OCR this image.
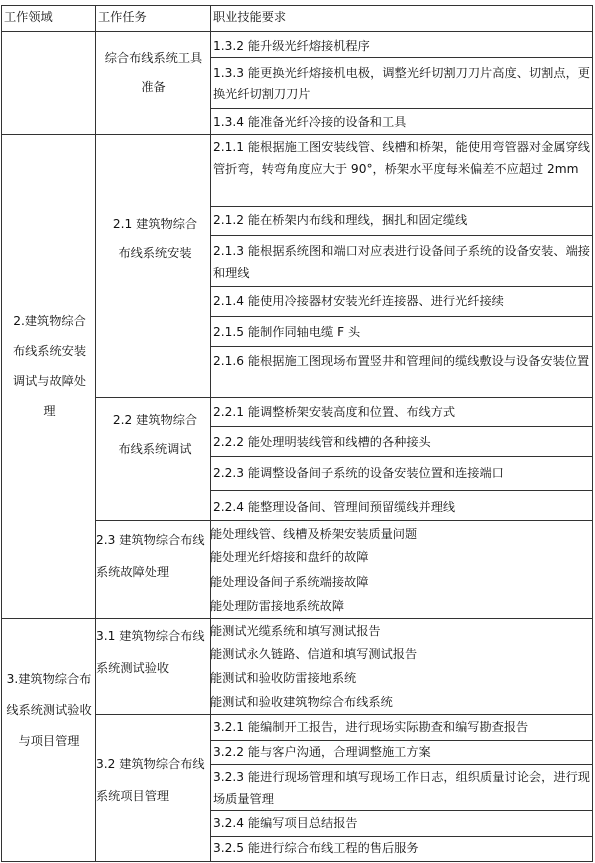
工作领域	工作任务	职业技能要求
综合布线系统工具准备
1.3.2 能升级光纤熔接机程序
1.3.3 能更换光纤熔接机电极，调整光纤切割刀刀片高度、切割点，更换光纤切割刀刀片
1.3.4 能准备光纤冷接的设备和工具
2.建筑物综合布线系统安装调试与故障处理
2.1 建筑物综合布线系统安装
2.1.1 能根据施工图安装线管、线槽和桥架，能使用弯管器对金属穿线管折弯，转弯角度应大于 90°，桥架水平度每米偏差不应超过 2mm
2.1.2 能在桥架内布线和理线，捆扎和固定缆线
2.1.3 能根据系统图和端口对应表进行设备间子系统的设备安装、端接和理线
2.1.4 能使用冷接器材安装光纤连接器、进行光纤接续
2.1.5 能制作同轴电缆 F 头
2.1.6 能根据施工图现场布置竖井和管理间的缆线敷设与设备安装位置
2.2 建筑物综合布线系统调试
2.2.1 能调整桥架安装高度和位置、布线方式
2.2.2 能处理明装线管和线槽的各种接头
2.2.3 能调整设备间子系统的设备安装位置和连接端口
2.2.4 能整理设备间、管理间预留缆线并理线
2.3 建筑物综合布线系统故障处理
能处理线管、线槽及桥架安装质量问题
能处理光纤熔接和盘纤的故障
能处理设备间子系统端接故障
能处理防雷接地系统故障
3.建筑物综合布线系统测试验收与项目管理
3.1 建筑物综合布线系统测试验收
能测试光缆系统和填写测试报告
能测试永久链路、信道和填写测试报告
能测试和验收防雷接地系统
能测试和验收建筑物综合布线系统
3.2 建筑物综合布线系统项目管理
3.2.1 能编制开工报告，进行现场实际勘查和编写勘查报告
3.2.2 能与客户沟通，合理调整施工方案
3.2.3 能进行现场管理和填写现场工作日志，组织质量讨论会，进行现场质量管理
3.2.4 能编写项目总结报告
3.2.5 能进行综合布线工程的售后服务
